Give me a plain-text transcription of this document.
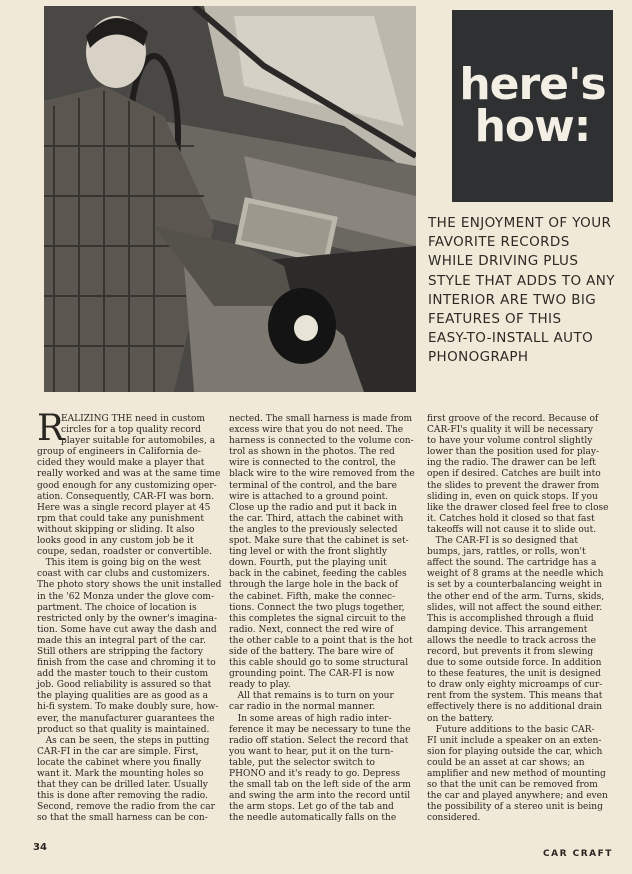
here's
how:
THE ENJOYMENT OF YOUR
FAVORITE RECORDS
WHILE DRIVING PLUS
STYLE THAT ADDS TO ANY
INTERIOR ARE TWO BIG
FEATURES OF THIS
EASY-TO-INSTALL AUTO
PHONOGRAPH
R
EALIZING THE need in custom
circles for a top quality record
player suitable for automobiles, a
group of engineers in California de-
cided they would make a player that
really worked and was at the same time
good enough for any customizing oper-
ation. Consequently, CAR-FI was born.
Here was a single record player at 45
rpm that could take any punishment
without skipping or sliding. It also
looks good in any custom job be it
coupe, sedan, roadster or convertible.
This item is going big on the west
coast with car clubs and customizers.
The photo story shows the unit installed
in the '62 Monza under the glove com-
partment. The choice of location is
restricted only by the owner's imagina-
tion. Some have cut away the dash and
made this an integral part of the car.
Still others are stripping the factory
finish from the case and chroming it to
add the master touch to their custom
job. Good reliability is assured so that
the playing qualities are as good as a
hi-fi system. To make doubly sure, how-
ever, the manufacturer guarantees the
product so that quality is maintained.
As can be seen, the steps in putting
CAR-FI in the car are simple. First,
locate the cabinet where you finally
want it. Mark the mounting holes so
that they can be drilled later. Usually
this is done after removing the radio.
Second, remove the radio from the car
so that the small harness can be con-
nected. The small harness is made from
excess wire that you do not need. The
harness is connected to the volume con-
trol as shown in the photos. The red
wire is connected to the control, the
black wire to the wire removed from the
terminal of the control, and the bare
wire is attached to a ground point.
Close up the radio and put it back in
the car. Third, attach the cabinet with
the angles to the previously selected
spot. Make sure that the cabinet is set-
ting level or with the front slightly
down. Fourth, put the playing unit
back in the cabinet, feeding the cables
through the large hole in the back of
the cabinet. Fifth, make the connec-
tions. Connect the two plugs together,
this completes the signal circuit to the
radio. Next, connect the red wire of
the other cable to a point that is the hot
side of the battery. The bare wire of
this cable should go to some structural
grounding point. The CAR-FI is now
ready to play.
All that remains is to turn on your
car radio in the normal manner.
In some areas of high radio inter-
ference it may be necessary to tune the
radio off station. Select the record that
you want to hear, put it on the turn-
table, put the selector switch to
PHONO and it's ready to go. Depress
the small tab on the left side of the arm
and swing the arm into the record until
the arm stops. Let go of the tab and
the needle automatically falls on the
first groove of the record. Because of
CAR-FI's quality it will be necessary
to have your volume control slightly
lower than the position used for play-
ing the radio. The drawer can be left
open if desired. Catches are built into
the slides to prevent the drawer from
sliding in, even on quick stops. If you
like the drawer closed feel free to close
it. Catches hold it closed so that fast
takeoffs will not cause it to slide out.
The CAR-FI is so designed that
bumps, jars, rattles, or rolls, won't
affect the sound. The cartridge has a
weight of 8 grams at the needle which
is set by a counterbalancing weight in
the other end of the arm. Turns, skids,
slides, will not affect the sound either.
This is accomplished through a fluid
damping device. This arrangement
allows the needle to track across the
record, but prevents it from slewing
due to some outside force. In addition
to these features, the unit is designed
to draw only eighty microamps of cur-
rent from the system. This means that
effectively there is no additional drain
on the battery.
Future additions to the basic CAR-
FI unit include a speaker on an exten-
sion for playing outside the car, which
could be an asset at car shows; an
amplifier and new method of mounting
so that the unit can be removed from
the car and played anywhere; and even
the possibility of a stereo unit is being
considered.
34
CAR CRAFT
